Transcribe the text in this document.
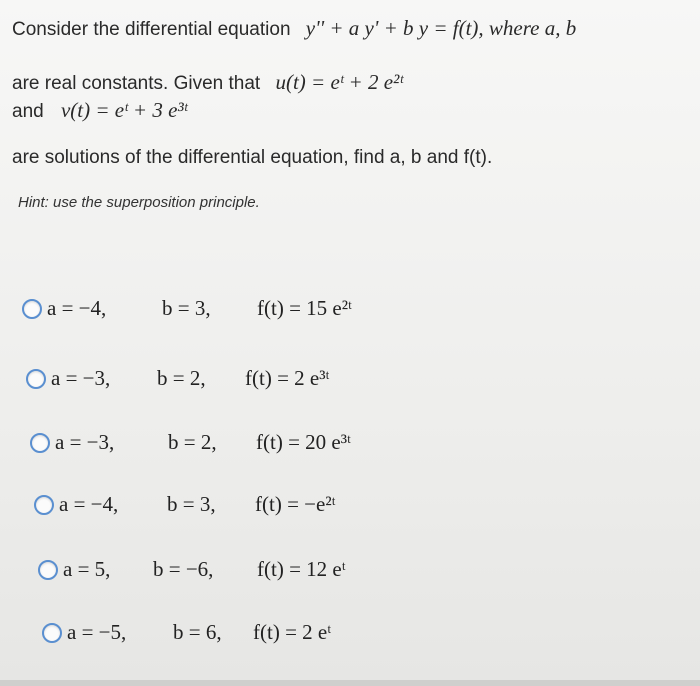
Consider the differential equation y'' + a y' + b y = f(t), where a, b
are real constants. Given that u(t) = eᵗ + 2 e²ᵗ
and v(t) = eᵗ + 3 e³ᵗ
are solutions of the differential equation, find a, b and f(t).
Hint: use the superposition principle.
a = −4,	b = 3,	f(t) = 15 e²ᵗ
a = −3,	b = 2,	f(t) = 2 e³ᵗ
a = −3,	b = 2,	f(t) = 20 e³ᵗ
a = −4,	b = 3,	f(t) = −e²ᵗ
a = 5,	b = −6,	f(t) = 12 eᵗ
a = −5,	b = 6,	f(t) = 2 eᵗ
